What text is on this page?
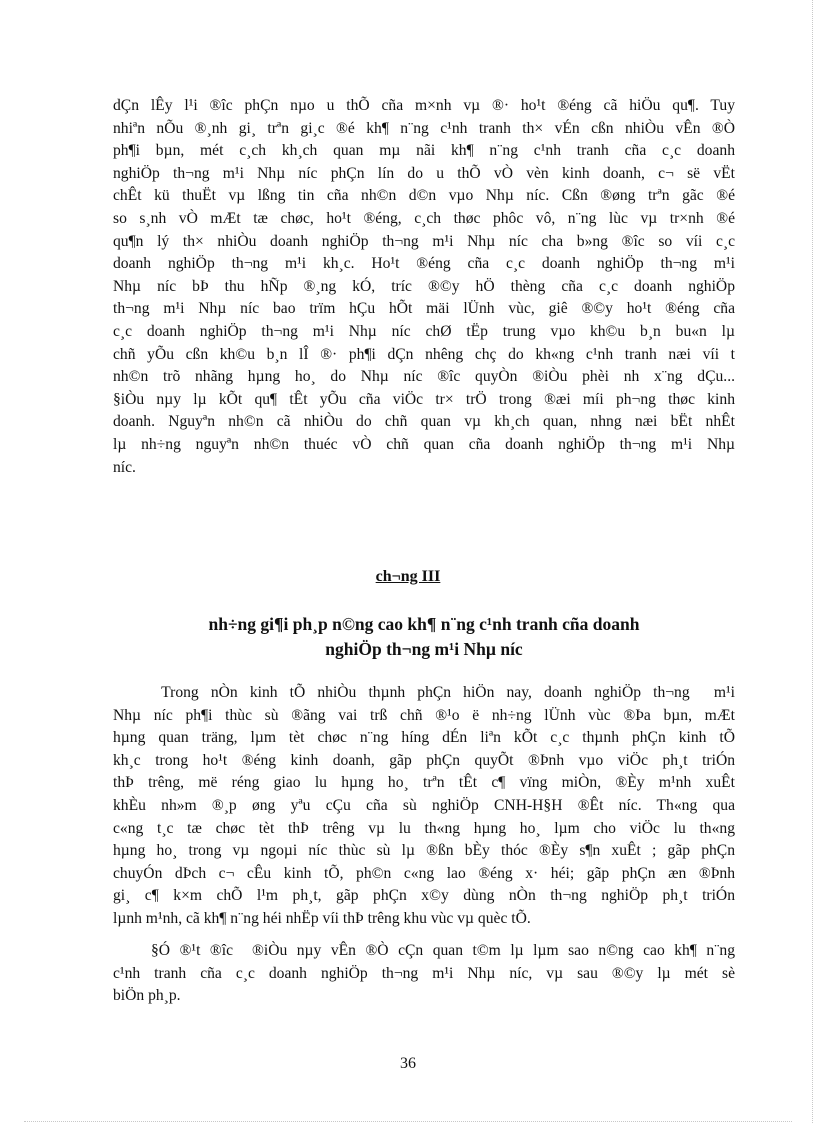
dÇn lÊy l¹i ®îc phÇn nµo u thÕ cña m×nh vµ ®· ho¹t ®éng cã hiÖu qu¶. Tuy
nhiªn nÕu ®¸nh gi¸ trªn gi¸c ®é kh¶ n¨ng c¹nh tranh th× vÉn cßn nhiÒu vÊn ®Ò
ph¶i bµn, mét c¸ch kh¸ch quan mµ nãi kh¶ n¨ng c¹nh tranh cña c¸c doanh
nghiÖp th¬ng m¹i Nhµ níc phÇn lín do u thÕ vÒ vèn kinh doanh, c¬ së vËt
chÊt kü thuËt vµ lßng tin cña nh©n d©n vµo Nhµ níc. Cßn ®øng trªn gãc ®é
so s¸nh vÒ mÆt tæ chøc, ho¹t ®éng, c¸ch thøc phôc vô, n¨ng lùc vµ tr×nh ®é
qu¶n lý th× nhiÒu doanh nghiÖp th¬ng m¹i Nhµ níc cha b»ng ®îc so víi c¸c
doanh nghiÖp th¬ng m¹i kh¸c. Ho¹t ®éng cña c¸c doanh nghiÖp th¬ng m¹i
Nhµ níc bÞ thu hÑp ®¸ng kÓ, tríc ®©y hÖ thèng cña c¸c doanh nghiÖp
th¬ng m¹i Nhµ níc bao trïm hÇu hÕt mäi lÜnh vùc, giê ®©y ho¹t ®éng cña
c¸c doanh nghiÖp th¬ng m¹i Nhµ níc chØ tËp trung vµo kh©u b¸n bu«n lµ
chñ yÕu cßn kh©u b¸n lÎ ®· ph¶i dÇn nhêng chç do kh«ng c¹nh tranh næi víi t
nh©n trõ nhãng hµng ho¸ do Nhµ níc ®îc quyÒn ®iÒu phèi nh x¨ng dÇu...
§iÒu nµy lµ kÕt qu¶ tÊt yÕu cña viÖc tr× trÖ trong ®æi míi ph¬ng thøc kinh
doanh. Nguyªn nh©n cã nhiÒu do chñ quan vµ kh¸ch quan, nhng næi bËt nhÊt
lµ nh÷ng nguyªn nh©n thuéc vÒ chñ quan cña doanh nghiÖp th¬ng m¹i Nhµ
níc.
ch¬ng III
nh÷ng gi¶i ph¸p n©ng cao kh¶ n¨ng c¹nh tranh cña doanh
nghiÖp th¬ng m¹i Nhµ níc
Trong nÒn kinh tÕ nhiÒu thµnh phÇn hiÖn nay, doanh nghiÖp th¬ng  m¹i
Nhµ níc ph¶i thùc sù ®ãng vai trß chñ ®¹o ë nh÷ng lÜnh vùc ®Þa bµn, mÆt
hµng quan träng, lµm tèt chøc n¨ng híng dÉn liªn kÕt c¸c thµnh phÇn kinh tÕ
kh¸c trong ho¹t ®éng kinh doanh, gãp phÇn quyÕt ®Þnh vµo viÖc ph¸t triÓn
thÞ trêng, më réng giao lu hµng ho¸ trªn tÊt c¶ vïng miÒn, ®Èy m¹nh xuÊt
khÈu nh»m ®¸p øng yªu cÇu cña sù nghiÖp CNH-H§H ®Êt níc. Th«ng qua
c«ng t¸c tæ chøc tèt thÞ trêng vµ lu th«ng hµng ho¸ lµm cho viÖc lu th«ng
hµng ho¸ trong vµ ngoµi níc thùc sù lµ ®ßn bÈy thóc ®Èy s¶n xuÊt ; gãp phÇn
chuyÓn dÞch c¬ cÊu kinh tÕ, ph©n c«ng lao ®éng x· héi; gãp phÇn æn ®Þnh
gi¸ c¶ k×m chÕ l¹m ph¸t, gãp phÇn x©y dùng nÒn th¬ng nghiÖp ph¸t triÓn
lµnh m¹nh, cã kh¶ n¨ng héi nhËp víi thÞ trêng khu vùc vµ quèc tÕ.
§Ó ®¹t ®îc  ®iÒu nµy vÊn ®Ò cÇn quan t©m lµ lµm sao n©ng cao kh¶ n¨ng
c¹nh tranh cña c¸c doanh nghiÖp th¬ng m¹i Nhµ níc, vµ sau ®©y lµ mét sè
biÖn ph¸p.
36
